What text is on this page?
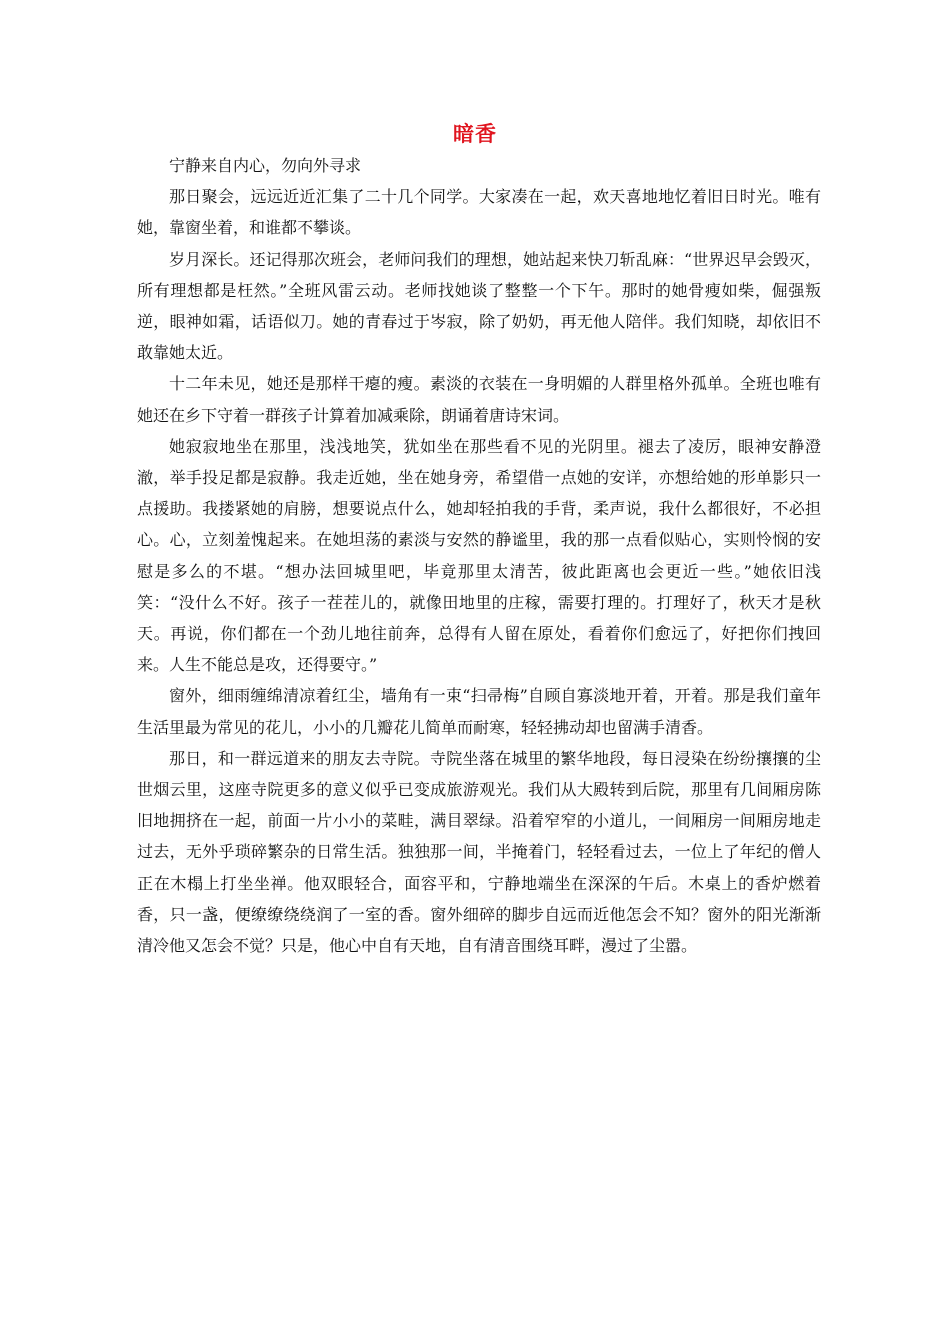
暗香

宁静来自内心，勿向外寻求

那日聚会，远远近近汇集了二十几个同学。大家凑在一起，欢天喜地地忆着旧日时光。唯有她，靠窗坐着，和谁都不攀谈。

岁月深长。还记得那次班会，老师问我们的理想，她站起来快刀斩乱麻：“世界迟早会毁灭，所有理想都是枉然。”全班风雷云动。老师找她谈了整整一个下午。那时的她骨瘦如柴，倔强叛逆，眼神如霜，话语似刀。她的青春过于岑寂，除了奶奶，再无他人陪伴。我们知晓，却依旧不敢靠她太近。

十二年未见，她还是那样干瘪的瘦。素淡的衣装在一身明媚的人群里格外孤单。全班也唯有她还在乡下守着一群孩子计算着加减乘除，朗诵着唐诗宋词。

她寂寂地坐在那里，浅浅地笑，犹如坐在那些看不见的光阴里。褪去了凌厉，眼神安静澄澈，举手投足都是寂静。我走近她，坐在她身旁，希望借一点她的安详，亦想给她的形单影只一点援助。我搂紧她的肩膀，想要说点什么，她却轻拍我的手背，柔声说，我什么都很好，不必担心。心，立刻羞愧起来。在她坦荡的素淡与安然的静谧里，我的那一点看似贴心，实则怜悯的安慰是多么的不堪。“想办法回城里吧，毕竟那里太清苦，彼此距离也会更近一些。”她依旧浅笑：“没什么不好。孩子一茬茬儿的，就像田地里的庄稼，需要打理的。打理好了，秋天才是秋天。再说，你们都在一个劲儿地往前奔，总得有人留在原处，看着你们愈远了，好把你们拽回来。人生不能总是攻，还得要守。”

窗外，细雨缠绵清凉着红尘，墙角有一束“扫帚梅”自顾自寡淡地开着，开着。那是我们童年生活里最为常见的花儿，小小的几瓣花儿简单而耐寒，轻轻拂动却也留满手清香。

那日，和一群远道来的朋友去寺院。寺院坐落在城里的繁华地段，每日浸染在纷纷攘攘的尘世烟云里，这座寺院更多的意义似乎已变成旅游观光。我们从大殿转到后院，那里有几间厢房陈旧地拥挤在一起，前面一片小小的菜畦，满目翠绿。沿着窄窄的小道儿，一间厢房一间厢房地走过去，无外乎琐碎繁杂的日常生活。独独那一间，半掩着门，轻轻看过去，一位上了年纪的僧人正在木榻上打坐坐禅。他双眼轻合，面容平和，宁静地端坐在深深的午后。木桌上的香炉燃着香，只一盏，便缭缭绕绕润了一室的香。窗外细碎的脚步自远而近他怎会不知？窗外的阳光渐渐清冷他又怎会不觉？只是，他心中自有天地，自有清音围绕耳畔，漫过了尘嚣。
